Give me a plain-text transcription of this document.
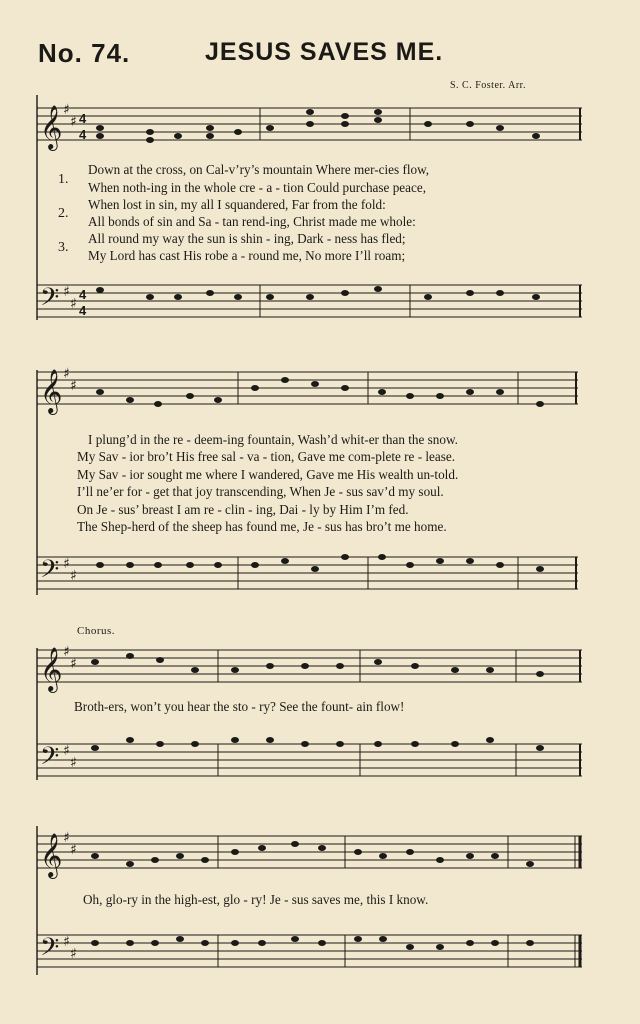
No. 74.	JESUS SAVES ME.
S. C. Foster. Arr.
1.
Down at the cross, on Cal-v’ry’s mountain Where mer-cies flow,
When noth-ing in the whole cre - a - tion Could purchase peace,
2.
When lost in sin, my all I squandered, Far from the fold:
All bonds of sin and Sa - tan rend-ing, Christ made me whole:
3.
All round my way the sun is shin - ing, Dark - ness has fled;
My Lord has cast His robe a - round me, No more I’ll roam;
I plung’d in the re - deem-ing fountain, Wash’d whit-er than the snow.
My Sav - ior bro’t His free sal - va - tion, Gave me com-plete re - lease.
My Sav - ior sought me where I wandered, Gave me His wealth un-told.
I’ll ne’er for - get that joy transcending, When Je - sus sav’d my soul.
On Je - sus’ breast I am re - clin - ing, Dai - ly by Him I’m fed.
The Shep-herd of the sheep has found me, Je - sus has bro’t me home.
Chorus.
Broth-ers, won’t you hear the sto - ry? See the fount- ain flow!
Oh, glo-ry in the high-est, glo - ry! Je - sus saves me, this I know.
𝄞
𝄢
𝄞
𝄢
𝄞
𝄢
𝄞
𝄢
♯
♯
♯
♯
♯
♯
♯
♯
♯
♯
♯
♯
♯
♯
♯
♯
4
4
4
4
